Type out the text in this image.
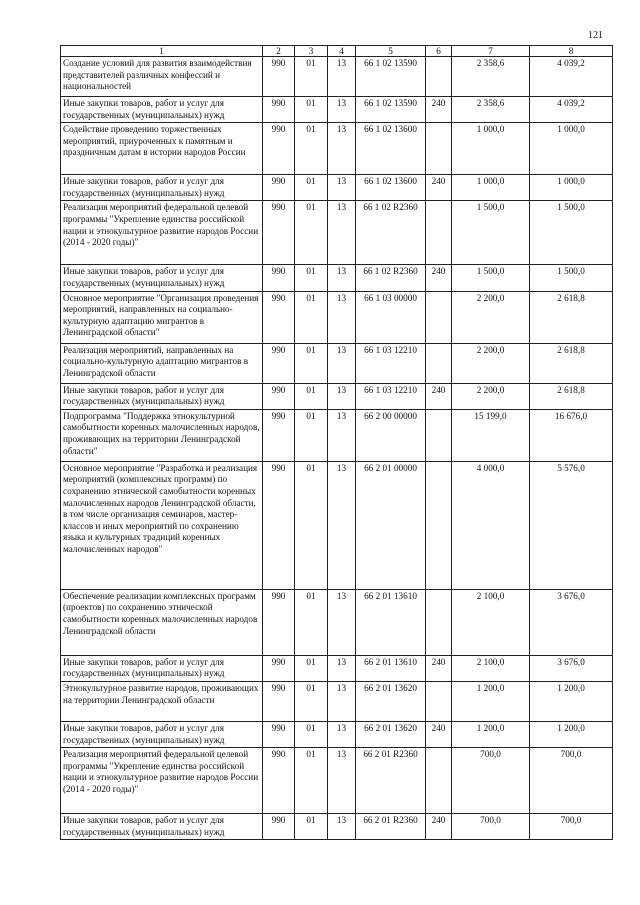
121
1	2	3	4	5	6	7	8
Создание условий для развития взаимодействия представителей различных конфессий и национальностей	990	01	13	66 1 02 13590		2 358,6	4 039,2
Иные закупки товаров, работ и услуг для государственных (муниципальных) нужд	990	01	13	66 1 02 13590	240	2 358,6	4 039,2
Содействие проведению торжественных мероприятий, приуроченных к памятным и праздничным датам в истории народов России	990	01	13	66 1 02 13600		1 000,0	1 000,0
Иные закупки товаров, работ и услуг для государственных (муниципальных) нужд	990	01	13	66 1 02 13600	240	1 000,0	1 000,0
Реализация мероприятий федеральной целевой программы "Укрепление единства российской нации и этнокультурное развитие народов России (2014 - 2020 годы)"	990	01	13	66 1 02 R2360		1 500,0	1 500,0
Иные закупки товаров, работ и услуг для государственных (муниципальных) нужд	990	01	13	66 1 02 R2360	240	1 500,0	1 500,0
Основное мероприятие "Организация проведения мероприятий, направленных на социально-культурную адаптацию мигрантов в Ленинградской области"	990	01	13	66 1 03 00000		2 200,0	2 618,8
Реализация мероприятий, направленных на социально-культурную адаптацию мигрантов в Ленинградской области	990	01	13	66 1 03 12210		2 200,0	2 618,8
Иные закупки товаров, работ и услуг для государственных (муниципальных) нужд	990	01	13	66 1 03 12210	240	2 200,0	2 618,8
Подпрограмма "Поддержка этнокультурной самобытности коренных малочисленных народов, проживающих на территории Ленинградской области"	990	01	13	66 2 00 00000		15 199,0	16 676,0
Основное мероприятие "Разработка и реализация мероприятий (комплексных программ) по сохранению этнической самобытности коренных малочисленных народов Ленинградской области, в том числе организация семинаров, мастер-классов и иных мероприятий по сохранению языка и культурных традиций коренных малочисленных народов"	990	01	13	66 2 01 00000		4 000,0	5 576,0
Обеспечение реализации комплексных программ (проектов) по сохранению этнической самобытности коренных малочисленных народов Ленинградской области	990	01	13	66 2 01 13610		2 100,0	3 676,0
Иные закупки товаров, работ и услуг для государственных (муниципальных) нужд	990	01	13	66 2 01 13610	240	2 100,0	3 676,0
Этнокультурное развитие народов, проживающих на территории Ленинградской области	990	01	13	66 2 01 13620		1 200,0	1 200,0
Иные закупки товаров, работ и услуг для государственных (муниципальных) нужд	990	01	13	66 2 01 13620	240	1 200,0	1 200,0
Реализация мероприятий федеральной целевой программы "Укрепление единства российской нации и этнокультурное развитие народов России (2014 - 2020 годы)"	990	01	13	66 2 01 R2360		700,0	700,0
Иные закупки товаров, работ и услуг для государственных (муниципальных) нужд	990	01	13	66 2 01 R2360	240	700,0	700,0
